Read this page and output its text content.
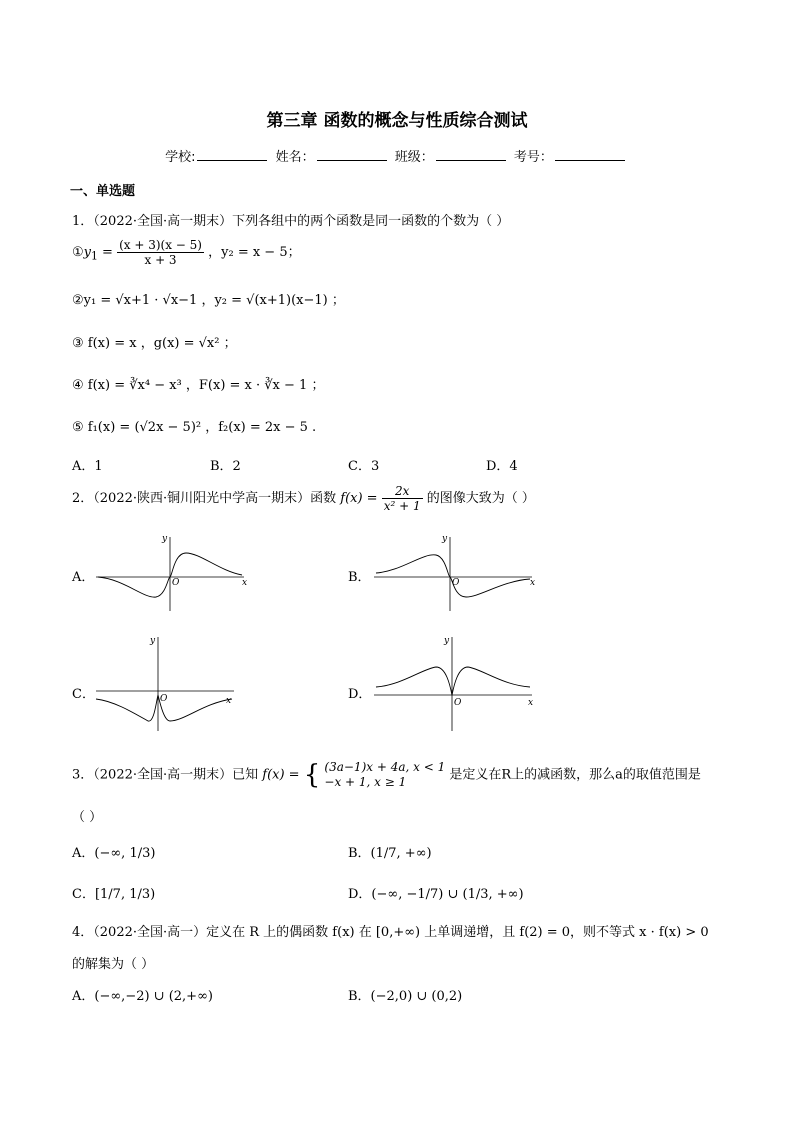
第三章 函数的概念与性质综合测试
学校:	姓名：	班级：	考号：
一、单选题
1．（2022·全国·高一期末）下列各组中的两个函数是同一函数的个数为（ ）
$①y_1 = \frac{(x + 3)(x - 5)}{x + 3}$ ，y₂ = x − 5；
②y₁ = √x+1 · √x−1 ，y₂ = √(x+1)(x−1) ；
③ f(x) = x ，g(x) = √x² ；
④ f(x) = ∛x⁴ − x³ ，F(x) = x · ∛x − 1 ；
⑤ f₁(x) = (√2x − 5)² ，f₂(x) = 2x − 5 .
A．1	B．2	C．3	D．4
2．（2022·陕西·铜川阳光中学高一期末）函数 $f(x) = \frac{2x}{\text{x² + 1}}$ 的图像大致为（ ）
A．
y
x
O	B．
y
x
O
C．
y
x
O	D．
y
x
O
3．（2022·全国·高一期末）已知 f(x) = { (3a−1)x + 4a, x < 1
−x + 1, x ≥ 1	是定义在R上的减函数，那么a的取值范围是
（ ）
A．(−∞, 1/3)	B．(1/7, +∞)
C．[1/7, 1/3)	D．(−∞, −1/7) ∪ (1/3, +∞)
4．（2022·全国·高一）定义在 R 上的偶函数 f(x) 在 [0,+∞) 上单调递增，且 f(2) = 0，则不等式 x · f(x) > 0
的解集为（ ）
A．(−∞,−2) ∪ (2,+∞)	B．(−2,0) ∪ (0,2)
